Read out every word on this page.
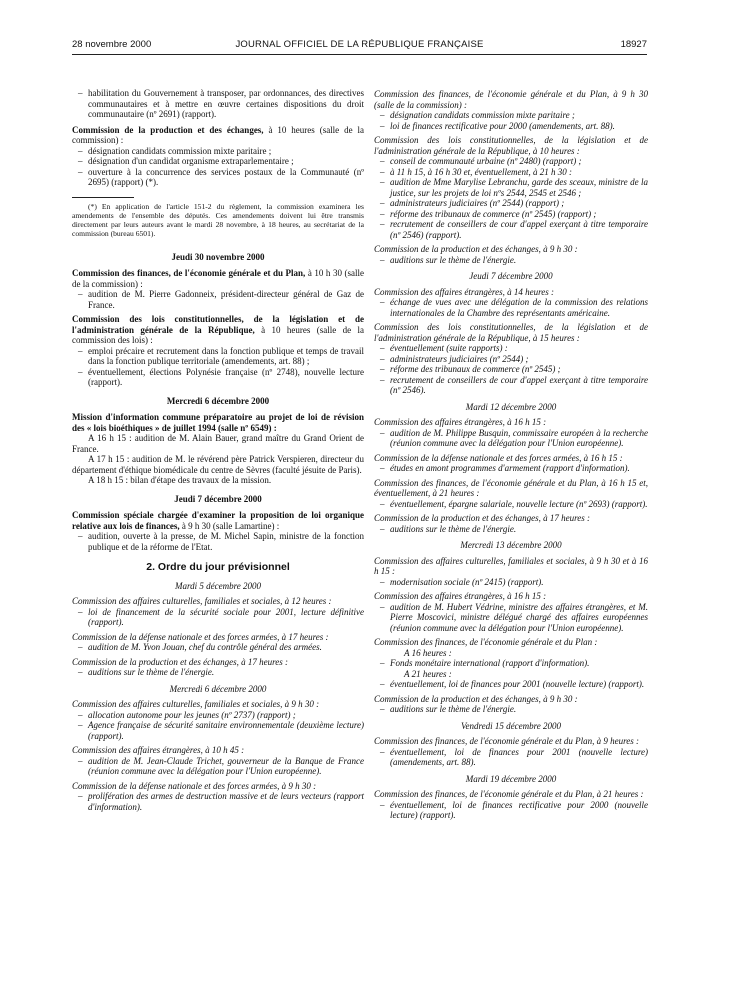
28 novembre 2000	JOURNAL OFFICIEL DE LA RÉPUBLIQUE FRANÇAISE	18927
– habilitation du Gouvernement à transposer, par ordonnances, des directives communautaires et à mettre en œuvre certaines dispositions du droit communautaire (nº 2691) (rapport).

Commission de la production et des échanges, à 10 heures (salle de la commission) :

– désignation candidats commission mixte paritaire ;
– désignation d'un candidat organisme extraparlementaire ;
– ouverture à la concurrence des services postaux de la Communauté (nº 2695) (rapport) (*).

(*) En application de l'article 151-2 du règlement, la commission examinera les amendements de l'ensemble des députés. Ces amendements doivent lui être transmis directement par leurs auteurs avant le mardi 28 novembre, à 18 heures, au secrétariat de la commission (bureau 6501).

Jeudi 30 novembre 2000

Commission des finances, de l'économie générale et du Plan, à 10 h 30 (salle de la commission) :

– audition de M. Pierre Gadonneix, président-directeur général de Gaz de France.

Commission des lois constitutionnelles, de la législation et de l'administration générale de la République, à 10 heures (salle de la commission des lois) :

– emploi précaire et recrutement dans la fonction publique et temps de travail dans la fonction publique territoriale (amendements, art. 88) ;
– éventuellement, élections Polynésie française (nº 2748), nouvelle lecture (rapport).
Mercredi 6 décembre 2000

Mission d'information commune préparatoire au projet de loi de révision des « lois bioéthiques » de juillet 1994 (salle nº 6549) :

A 16 h 15 : audition de M. Alain Bauer, grand maître du Grand Orient de France.

A 17 h 15 : audition de M. le révérend père Patrick Verspieren, directeur du département d'éthique biomédicale du centre de Sèvres (faculté jésuite de Paris).

A 18 h 15 : bilan d'étape des travaux de la mission.

Jeudi 7 décembre 2000

Commission spéciale chargée d'examiner la proposition de loi organique relative aux lois de finances, à 9 h 30 (salle Lamartine) :

– audition, ouverte à la presse, de M. Michel Sapin, ministre de la fonction publique et de la réforme de l'Etat.
2. Ordre du jour prévisionnel
Mardi 5 décembre 2000

Commission des affaires culturelles, familiales et sociales, à 12 heures :

– loi de financement de la sécurité sociale pour 2001, lecture définitive (rapport).

Commission de la défense nationale et des forces armées, à 17 heures :

– audition de M. Yvon Jouan, chef du contrôle général des armées.

Commission de la production et des échanges, à 17 heures :

– auditions sur le thème de l'énergie.
Mercredi 6 décembre 2000

Commission des affaires culturelles, familiales et sociales, à 9 h 30 :

– allocation autonome pour les jeunes (nº 2737) (rapport) ;
– Agence française de sécurité sanitaire environnementale (deuxième lecture) (rapport).

Commission des affaires étrangères, à 10 h 45 :

– audition de M. Jean-Claude Trichet, gouverneur de la Banque de France (réunion commune avec la délégation pour l'Union européenne).

Commission de la défense nationale et des forces armées, à 9 h 30 :

– prolifération des armes de destruction massive et de leurs vecteurs (rapport d'information).

Commission des finances, de l'économie générale et du Plan, à 9 h 30 (salle de la commission) :

– désignation candidats commission mixte paritaire ;
– loi de finances rectificative pour 2000 (amendements, art. 88).

Commission des lois constitutionnelles, de la législation et de l'administration générale de la République, à 10 heures :

– conseil de communauté urbaine (nº 2480) (rapport) ;
– à 11 h 15, à 16 h 30 et, éventuellement, à 21 h 30 :
– audition de Mme Marylise Lebranchu, garde des sceaux, ministre de la justice, sur les projets de loi nºs 2544, 2545 et 2546 ;
– administrateurs judiciaires (nº 2544) (rapport) ;
– réforme des tribunaux de commerce (nº 2545) (rapport) ;
– recrutement de conseillers de cour d'appel exerçant à titre temporaire (nº 2546) (rapport).

Commission de la production et des échanges, à 9 h 30 :

– auditions sur le thème de l'énergie.
Jeudi 7 décembre 2000

Commission des affaires étrangères, à 14 heures :

– échange de vues avec une délégation de la commission des relations internationales de la Chambre des représentants américaine.

Commission des lois constitutionnelles, de la législation et de l'administration générale de la République, à 15 heures :

– éventuellement (suite rapports) :
– administrateurs judiciaires (nº 2544) ;
– réforme des tribunaux de commerce (nº 2545) ;
– recrutement de conseillers de cour d'appel exerçant à titre temporaire (nº 2546).
Mardi 12 décembre 2000

Commission des affaires étrangères, à 16 h 15 :

– audition de M. Philippe Busquin, commissaire européen à la recherche (réunion commune avec la délégation pour l'Union européenne).

Commission de la défense nationale et des forces armées, à 16 h 15 :

– études en amont programmes d'armement (rapport d'information).

Commission des finances, de l'économie générale et du Plan, à 16 h 15 et, éventuellement, à 21 heures :

– éventuellement, épargne salariale, nouvelle lecture (nº 2693) (rapport).

Commission de la production et des échanges, à 17 heures :

– auditions sur le thème de l'énergie.
Mercredi 13 décembre 2000

Commission des affaires culturelles, familiales et sociales, à 9 h 30 et à 16 h 15 :

– modernisation sociale (nº 2415) (rapport).

Commission des affaires étrangères, à 16 h 15 :

– audition de M. Hubert Védrine, ministre des affaires étrangères, et M. Pierre Moscovici, ministre délégué chargé des affaires européennes (réunion commune avec la délégation pour l'Union européenne).

Commission des finances, de l'économie générale et du Plan :

A 16 heures :
– Fonds monétaire international (rapport d'information).
A 21 heures :
– éventuellement, loi de finances pour 2001 (nouvelle lecture) (rapport).

Commission de la production et des échanges, à 9 h 30 :

– auditions sur le thème de l'énergie.
Vendredi 15 décembre 2000

Commission des finances, de l'économie générale et du Plan, à 9 heures :

– éventuellement, loi de finances pour 2001 (nouvelle lecture) (amendements, art. 88).
Mardi 19 décembre 2000

Commission des finances, de l'économie générale et du Plan, à 21 heures :

– éventuellement, loi de finances rectificative pour 2000 (nouvelle lecture) (rapport).
